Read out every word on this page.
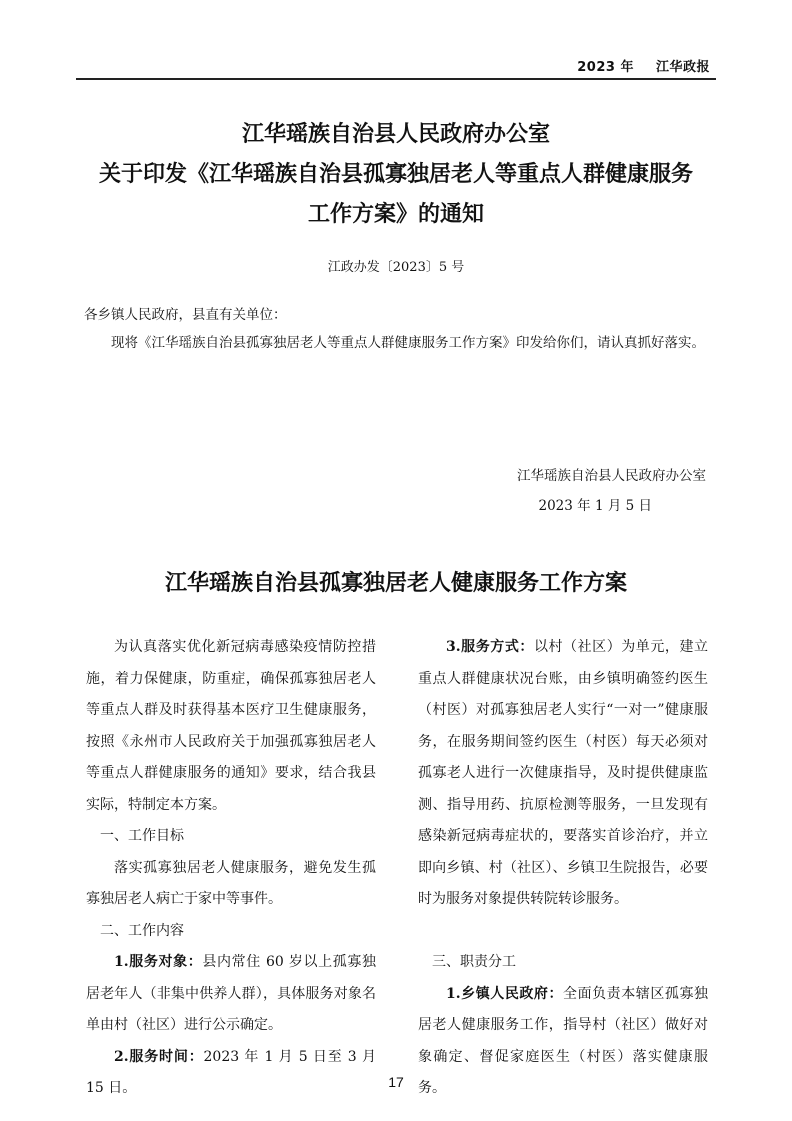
2023 年 江华政报
江华瑶族自治县人民政府办公室
关于印发《江华瑶族自治县孤寡独居老人等重点人群健康服务
工作方案》的通知
江政办发〔2023〕5 号
各乡镇人民政府，县直有关单位：
现将《江华瑶族自治县孤寡独居老人等重点人群健康服务工作方案》印发给你们，请认真抓好落实。
江华瑶族自治县人民政府办公室
2023 年 1 月 5 日
江华瑶族自治县孤寡独居老人健康服务工作方案

为认真落实优化新冠病毒感染疫情防控措施，着力保健康，防重症，确保孤寡独居老人等重点人群及时获得基本医疗卫生健康服务，按照《永州市人民政府关于加强孤寡独居老人等重点人群健康服务的通知》要求，结合我县实际，特制定本方案。

一、工作目标

落实孤寡独居老人健康服务，避免发生孤寡独居老人病亡于家中等事件。

二、工作内容

1.服务对象：县内常住 60 岁以上孤寡独居老年人（非集中供养人群），具体服务对象名单由村（社区）进行公示确定。

2.服务时间：2023 年 1 月 5 日至 3 月 15 日。

3.服务方式：以村（社区）为单元，建立重点人群健康状况台账，由乡镇明确签约医生（村医）对孤寡独居老人实行“一对一”健康服务，在服务期间签约医生（村医）每天必须对孤寡老人进行一次健康指导，及时提供健康监测、指导用药、抗原检测等服务，一旦发现有感染新冠病毒症状的，要落实首诊治疗，并立即向乡镇、村（社区）、乡镇卫生院报告，必要时为服务对象提供转院转诊服务。

三、职责分工

1.乡镇人民政府：全面负责本辖区孤寡独居老人健康服务工作，指导村（社区）做好对象确定、督促家庭医生（村医）落实健康服务。

17
